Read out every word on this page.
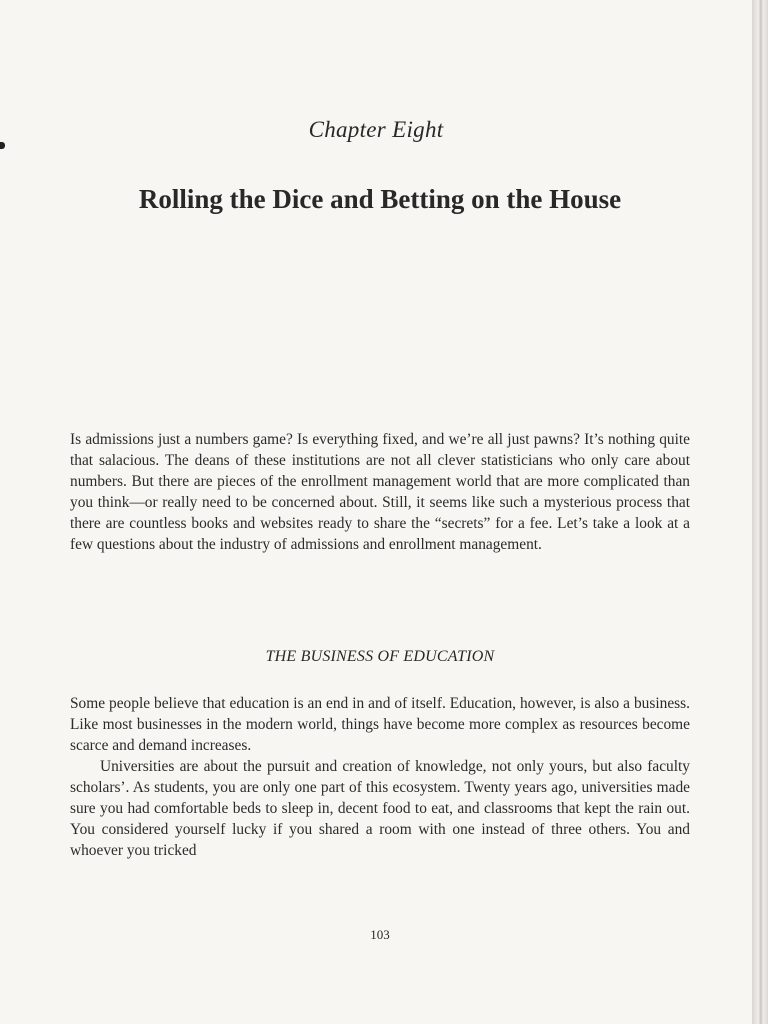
Chapter Eight
Rolling the Dice and Betting on the House

Is admissions just a numbers game? Is everything fixed, and we’re all just pawns? It’s nothing quite that salacious. The deans of these institutions are not all clever statisticians who only care about numbers. But there are pieces of the enrollment management world that are more complicated than you think—or really need to be concerned about. Still, it seems like such a mysterious process that there are countless books and websites ready to share the “secrets” for a fee. Let’s take a look at a few questions about the industry of admissions and enrollment management.

THE BUSINESS OF EDUCATION

Some people believe that education is an end in and of itself. Education, however, is also a business. Like most businesses in the modern world, things have become more complex as resources become scarce and demand increases.

Universities are about the pursuit and creation of knowledge, not only yours, but also faculty scholars’. As students, you are only one part of this ecosystem. Twenty years ago, universities made sure you had comfortable beds to sleep in, decent food to eat, and classrooms that kept the rain out. You considered yourself lucky if you shared a room with one instead of three others. You and whoever you tricked

103
